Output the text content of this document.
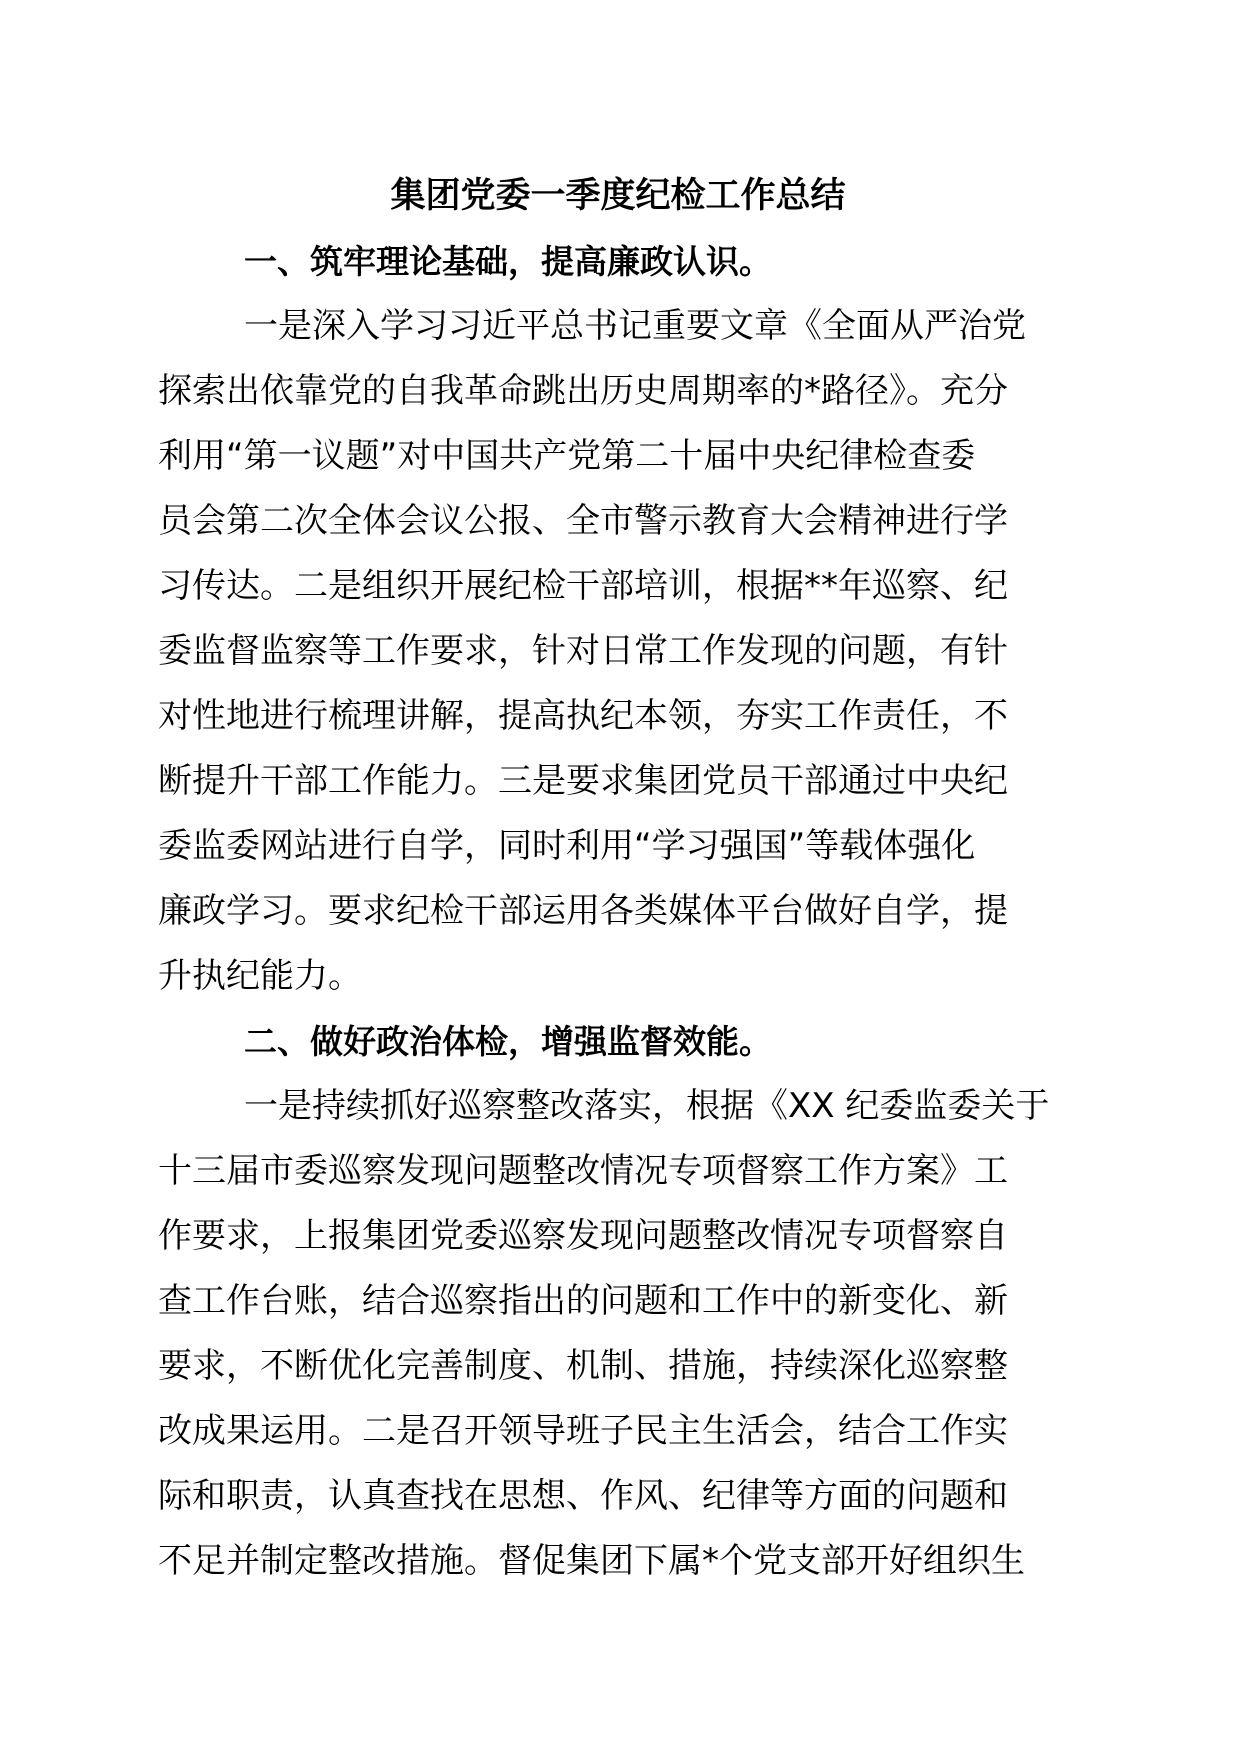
集团党委一季度纪检工作总结
一、筑牢理论基础，提高廉政认识。
一是深入学习习近平总书记重要文章《全面从严治党
探索出依靠党的自我革命跳出历史周期率的*路径》。充分
利用“第一议题”对中国共产党第二十届中央纪律检查委
员会第二次全体会议公报、全市警示教育大会精神进行学
习传达。二是组织开展纪检干部培训，根据**年巡察、纪
委监督监察等工作要求，针对日常工作发现的问题，有针
对性地进行梳理讲解，提高执纪本领，夯实工作责任，不
断提升干部工作能力。三是要求集团党员干部通过中央纪
委监委网站进行自学，同时利用“学习强国”等载体强化
廉政学习。要求纪检干部运用各类媒体平台做好自学，提
升执纪能力。
二、做好政治体检，增强监督效能。
一是持续抓好巡察整改落实，根据《XX 纪委监委关于
十三届市委巡察发现问题整改情况专项督察工作方案》工
作要求，上报集团党委巡察发现问题整改情况专项督察自
查工作台账，结合巡察指出的问题和工作中的新变化、新
要求，不断优化完善制度、机制、措施，持续深化巡察整
改成果运用。二是召开领导班子民主生活会，结合工作实
际和职责，认真查找在思想、作风、纪律等方面的问题和
不足并制定整改措施。督促集团下属*个党支部开好组织生
